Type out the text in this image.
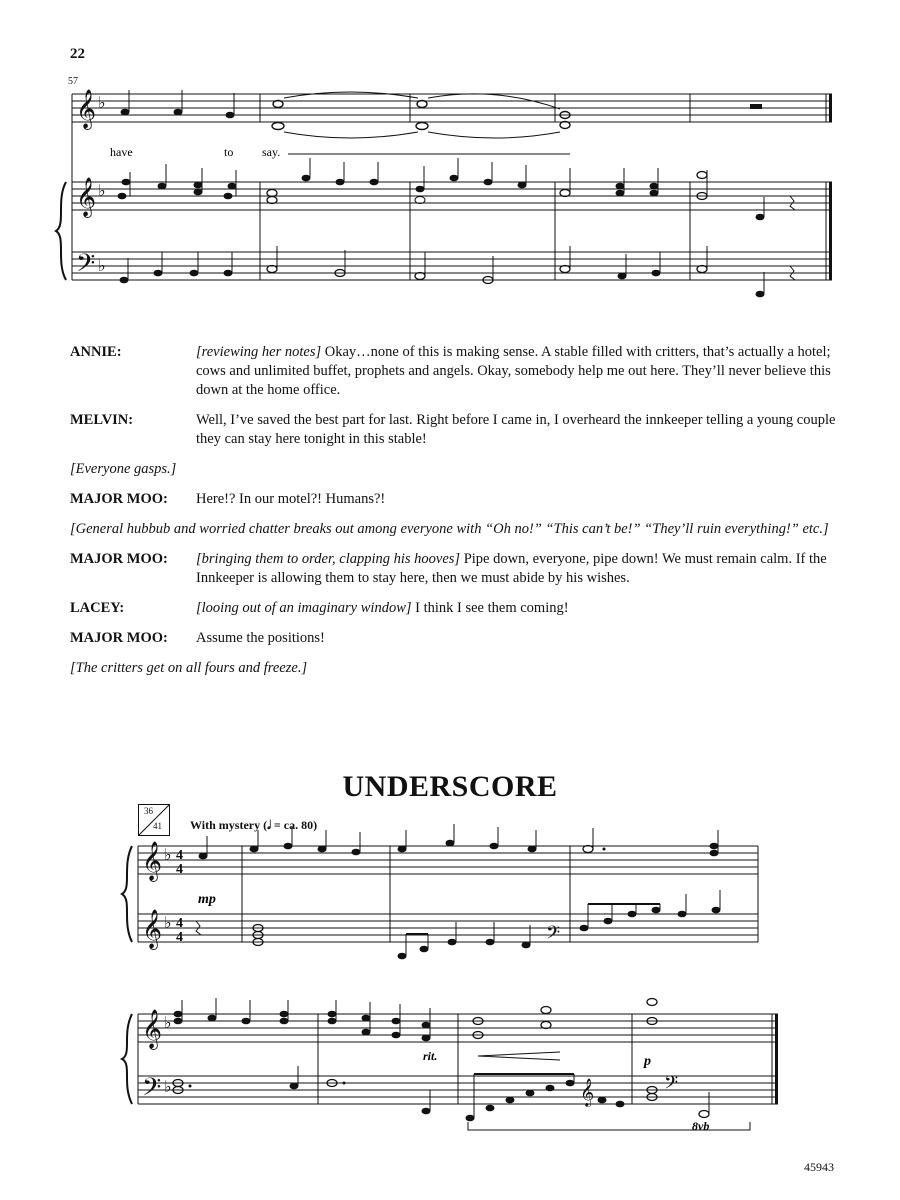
22
57
𝄞
𝄞
𝄢
♭
♭
♭
have	to say.
ANNIE:	[reviewing her notes] Okay…none of this is making sense. A stable filled with critters, that’s actually a hotel; cows and unlimited buffet, prophets and angels. Okay, somebody help me out here. They’ll never believe this down at the home office.
MELVIN:	Well, I’ve saved the best part for last. Right before I came in, I overheard the innkeeper telling a young couple they can stay here tonight in this stable!
[Everyone gasps.]
MAJOR MOO:	Here!? In our motel?! Humans?!
[General hubbub and worried chatter breaks out among everyone with “Oh no!” “This can’t be!” “They’ll ruin everything!” etc.]
MAJOR MOO:	[bringing them to order, clapping his hooves] Pipe down, everyone, pipe down! We must remain calm. If the Innkeeper is allowing them to stay here, then we must abide by his wishes.
LACEY:	[looing out of an imaginary window] I think I see them coming!
MAJOR MOO:	Assume the positions!
[The critters get on all fours and freeze.]
UNDERSCORE
36
41 With mystery (𝅗𝅥 = ca. 80)
𝄞
𝄞
𝄞
𝄢
♭
♭
♭
♭
4
4
4
4
mp
rit.	p
8vb
𝄢
𝄞	𝄢
45943
